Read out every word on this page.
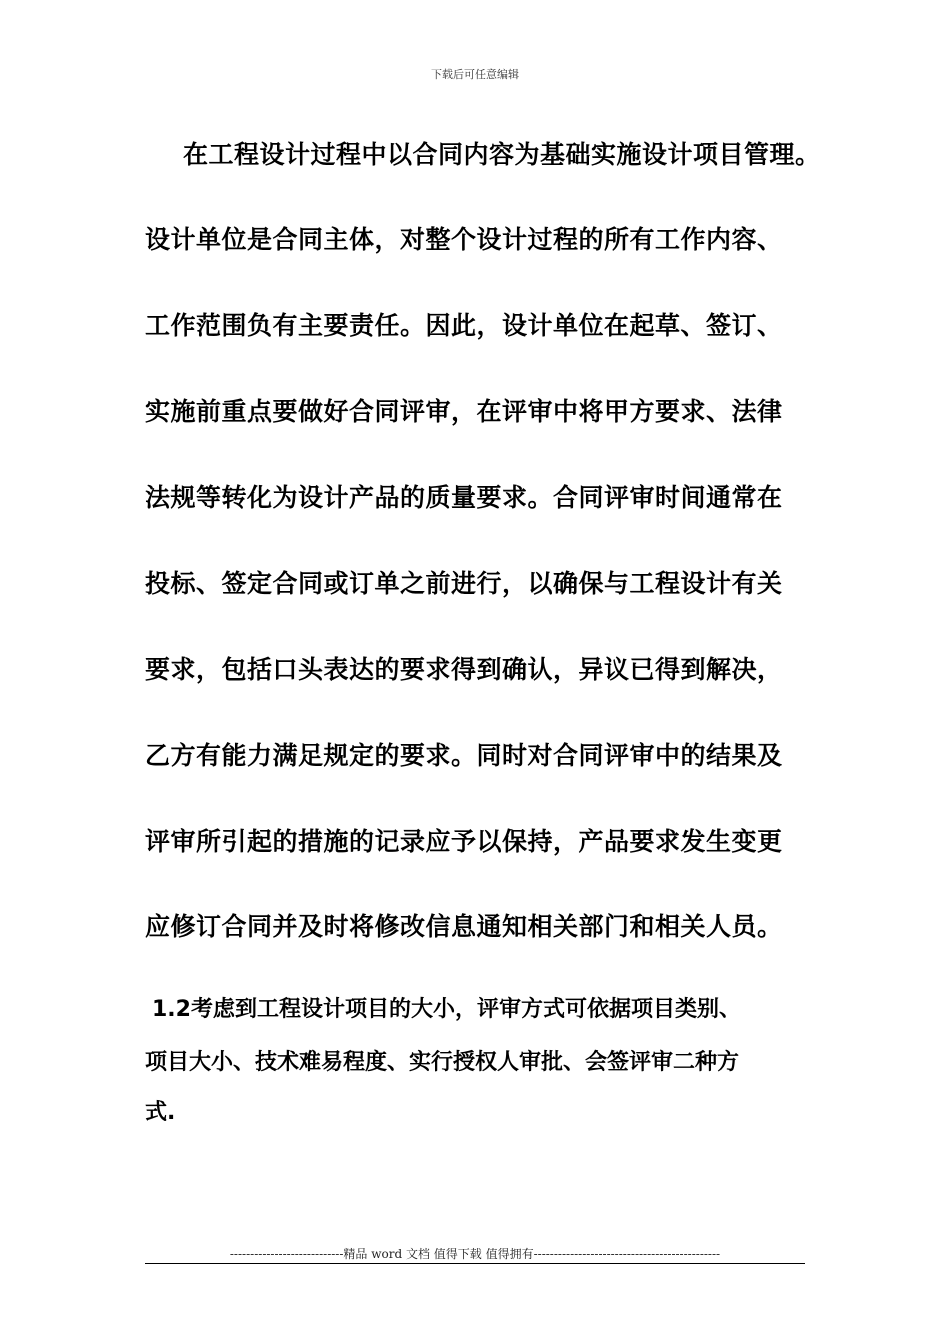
下载后可任意编辑
在工程设计过程中以合同内容为基础实施设计项目管理。
设计单位是合同主体，对整个设计过程的所有工作内容、
工作范围负有主要责任。因此，设计单位在起草、签订、
实施前重点要做好合同评审，在评审中将甲方要求、法律
法规等转化为设计产品的质量要求。合同评审时间通常在
投标、签定合同或订单之前进行，以确保与工程设计有关
要求，包括口头表达的要求得到确认，异议已得到解决，
乙方有能力满足规定的要求。同时对合同评审中的结果及
评审所引起的措施的记录应予以保持，产品要求发生变更
应修订合同并及时将修改信息通知相关部门和相关人员。
1.2考虑到工程设计项目的大小，评审方式可依据项目类别、
项目大小、技术难易程度、实行授权人审批、会签评审二种方
式.
----------------------------精品 word 文档 值得下载 值得拥有----------------------------------------------
